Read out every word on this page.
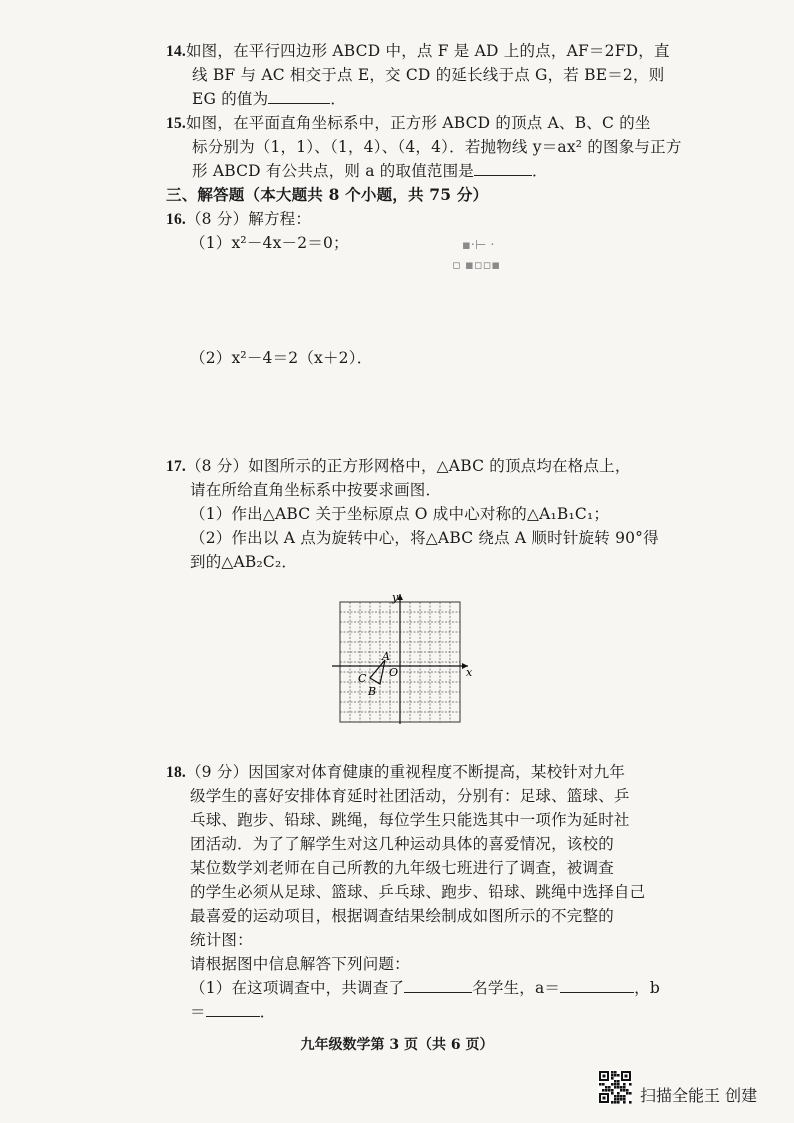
14.如图，在平行四边形 ABCD 中，点 F 是 AD 上的点，AF＝2FD，直
线 BF 与 AC 相交于点 E，交 CD 的延长线于点 G，若 BE＝2，则
EG 的值为	．
15.如图，在平面直角坐标系中，正方形 ABCD 的顶点 A、B、C 的坐
标分别为（1，1）、（1，4）、（4，4）．若抛物线 y＝ax² 的图象与正方
形 ABCD 有公共点，则 a 的取值范围是	．
三、解答题（本大题共 8 个小题，共 75 分）
16.（8 分）解方程：
（1）x²－4x－2＝0；
（2）x²－4＝2（x＋2）．
▪·⊢ ·
▫ ▪▫▫▪
17.（8 分）如图所示的正方形网格中，△ABC 的顶点均在格点上，
请在所给直角坐标系中按要求画图．
（1）作出△ABC 关于坐标原点 O 成中心对称的△A₁B₁C₁；
（2）作出以 A 点为旋转中心，将△ABC 绕点 A 顺时针旋转 90°得
到的△AB₂C₂．
x
y
O
A
B
C
18.（9 分）因国家对体育健康的重视程度不断提高，某校针对九年
级学生的喜好安排体育延时社团活动，分别有：足球、篮球、乒
乓球、跑步、铅球、跳绳，每位学生只能选其中一项作为延时社
团活动．为了了解学生对这几种运动具体的喜爱情况，该校的
某位数学刘老师在自己所教的九年级七班进行了调查，被调查
的学生必须从足球、篮球、乒乓球、跑步、铅球、跳绳中选择自己
最喜爱的运动项目，根据调查结果绘制成如图所示的不完整的
统计图：
请根据图中信息解答下列问题：
（1）在这项调查中，共调查了	名学生，a＝	，b
＝	．
九年级数学第 3 页（共 6 页）
扫描全能王 创建
